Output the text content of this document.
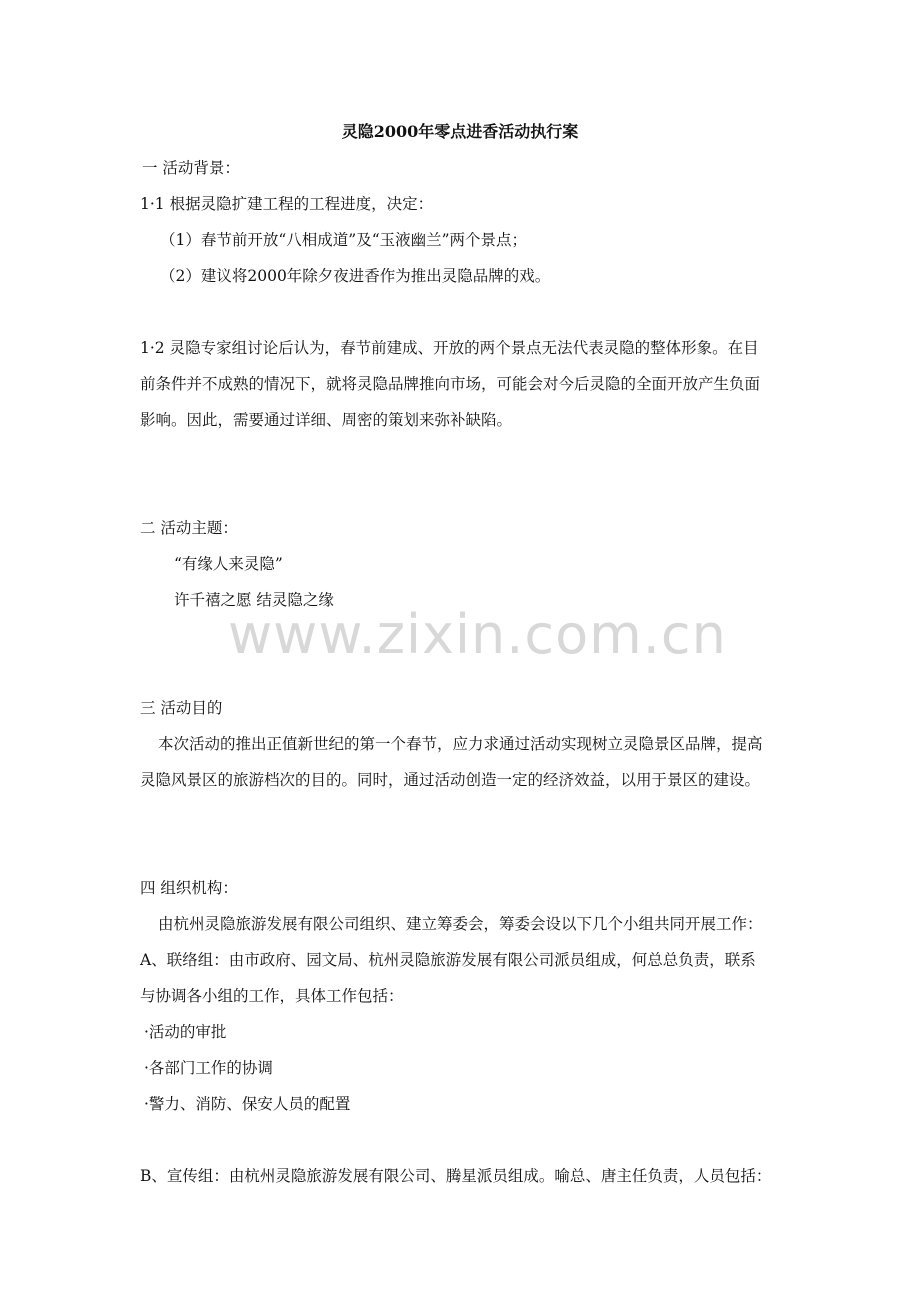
灵隐2000年零点进香活动执行案
一 活动背景：
1·1 根据灵隐扩建工程的工程进度，决定：
（1）春节前开放“八相成道”及“玉液幽兰”两个景点；
（2）建议将2000年除夕夜进香作为推出灵隐品牌的戏。
1·2 灵隐专家组讨论后认为，春节前建成、开放的两个景点无法代表灵隐的整体形象。在目
前条件并不成熟的情况下，就将灵隐品牌推向市场，可能会对今后灵隐的全面开放产生负面
影响。因此，需要通过详细、周密的策划来弥补缺陷。
二 活动主题：
“有缘人来灵隐”
许千禧之愿 结灵隐之缘
www.zixin.com.cn
三 活动目的
本次活动的推出正值新世纪的第一个春节，应力求通过活动实现树立灵隐景区品牌，提高
灵隐风景区的旅游档次的目的。同时，通过活动创造一定的经济效益，以用于景区的建设。
四 组织机构：
由杭州灵隐旅游发展有限公司组织、建立筹委会，筹委会设以下几个小组共同开展工作：
A、联络组：由市政府、园文局、杭州灵隐旅游发展有限公司派员组成，何总总负责，联系
与协调各小组的工作，具体工作包括：
·活动的审批
·各部门工作的协调
·警力、消防、保安人员的配置
B、宣传组：由杭州灵隐旅游发展有限公司、腾星派员组成。喻总、唐主任负责，人员包括：
